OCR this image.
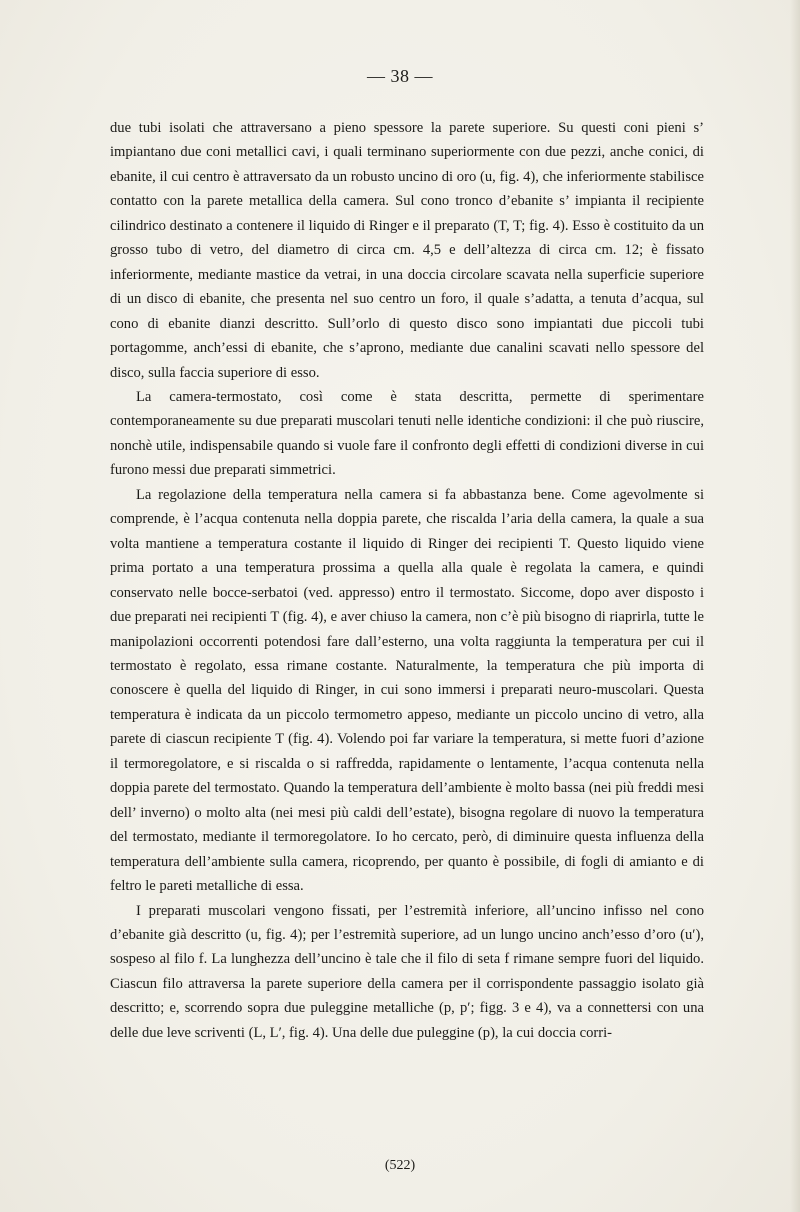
— 38 —

due tubi isolati che attraversano a pieno spessore la parete superiore. Su questi coni pieni s’ impiantano due coni metallici cavi, i quali terminano superiormente con due pezzi, anche conici, di ebanite, il cui centro è attraversato da un robusto uncino di oro (u, fig. 4), che inferiormente stabilisce contatto con la parete metallica della camera. Sul cono tronco d’ebanite s’ impianta il recipiente cilindrico destinato a contenere il liquido di Ringer e il preparato (T, T; fig. 4). Esso è costituito da un grosso tubo di vetro, del diametro di circa cm. 4,5 e dell’altezza di circa cm. 12; è fissato inferiormente, mediante mastice da vetrai, in una doccia circolare scavata nella superficie superiore di un disco di ebanite, che presenta nel suo centro un foro, il quale s’adatta, a tenuta d’acqua, sul cono di ebanite dianzi descritto. Sull’orlo di questo disco sono impiantati due piccoli tubi portagomme, anch’essi di ebanite, che s’aprono, mediante due canalini scavati nello spessore del disco, sulla faccia superiore di esso.

La camera-termostato, così come è stata descritta, permette di sperimentare contemporaneamente su due preparati muscolari tenuti nelle identiche condizioni: il che può riuscire, nonchè utile, indispensabile quando si vuole fare il confronto degli effetti di condizioni diverse in cui furono messi due preparati simmetrici.

La regolazione della temperatura nella camera si fa abbastanza bene. Come agevolmente si comprende, è l’acqua contenuta nella doppia parete, che riscalda l’aria della camera, la quale a sua volta mantiene a temperatura costante il liquido di Ringer dei recipienti T. Questo liquido viene prima portato a una temperatura prossima a quella alla quale è regolata la camera, e quindi conservato nelle bocce-serbatoi (ved. appresso) entro il termostato. Siccome, dopo aver disposto i due preparati nei recipienti T (fig. 4), e aver chiuso la camera, non c’è più bisogno di riaprirla, tutte le manipolazioni occorrenti potendosi fare dall’esterno, una volta raggiunta la temperatura per cui il termostato è regolato, essa rimane costante. Naturalmente, la temperatura che più importa di conoscere è quella del liquido di Ringer, in cui sono immersi i preparati neuro-muscolari. Questa temperatura è indicata da un piccolo termometro appeso, mediante un piccolo uncino di vetro, alla parete di ciascun recipiente T (fig. 4). Volendo poi far variare la temperatura, si mette fuori d’azione il termoregolatore, e si riscalda o si raffredda, rapidamente o lentamente, l’acqua contenuta nella doppia parete del termostato. Quando la temperatura dell’ambiente è molto bassa (nei più freddi mesi dell’ inverno) o molto alta (nei mesi più caldi dell’estate), bisogna regolare di nuovo la temperatura del termostato, mediante il termoregolatore. Io ho cercato, però, di diminuire questa influenza della temperatura dell’ambiente sulla camera, ricoprendo, per quanto è possibile, di fogli di amianto e di feltro le pareti metalliche di essa.

I preparati muscolari vengono fissati, per l’estremità inferiore, all’uncino infisso nel cono d’ebanite già descritto (u, fig. 4); per l’estremità superiore, ad un lungo uncino anch’esso d’oro (u′), sospeso al filo f. La lunghezza dell’uncino è tale che il filo di seta f rimane sempre fuori del liquido. Ciascun filo attraversa la parete superiore della camera per il corrispondente passaggio isolato già descritto; e, scorrendo sopra due puleggine metalliche (p, p′; figg. 3 e 4), va a connettersi con una delle due leve scriventi (L, L′, fig. 4). Una delle due puleggine (p), la cui doccia corri-

(522)
